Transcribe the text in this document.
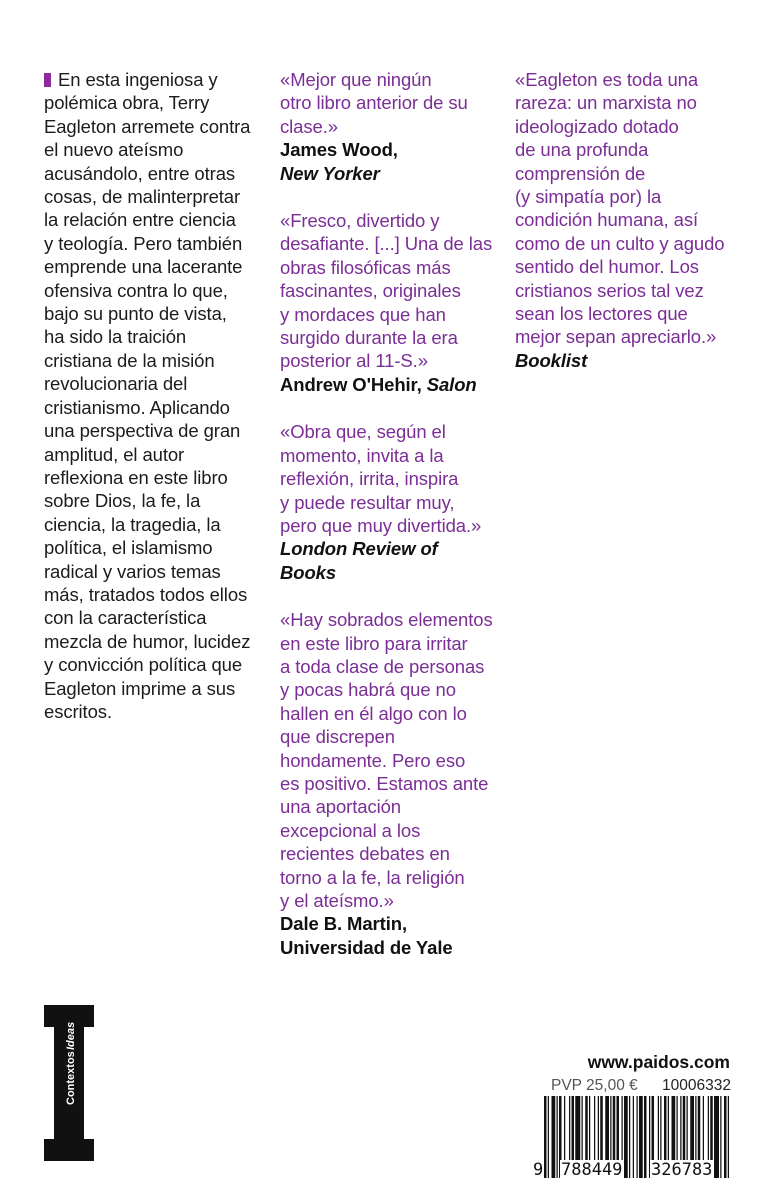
En esta ingeniosa y
polémica obra, Terry
Eagleton arremete contra
el nuevo ateísmo
acusándolo, entre otras
cosas, de malinterpretar
la relación entre ciencia
y teología. Pero también
emprende una lacerante
ofensiva contra lo que,
bajo su punto de vista,
ha sido la traición
cristiana de la misión
revolucionaria del
cristianismo. Aplicando
una perspectiva de gran
amplitud, el autor
reflexiona en este libro
sobre Dios, la fe, la
ciencia, la tragedia, la
política, el islamismo
radical y varios temas
más, tratados todos ellos
con la característica
mezcla de humor, lucidez
y convicción política que
Eagleton imprime a sus
escritos.

«Mejor que ningún
otro libro anterior de su
clase.»

James Wood,

New Yorker

«Fresco, divertido y
desafiante. [...] Una de las
obras filosóficas más
fascinantes, originales
y mordaces que han
surgido durante la era
posterior al 11-S.»

Andrew O'Hehir, Salon

«Obra que, según el
momento, invita a la
reflexión, irrita, inspira
y puede resultar muy,
pero que muy divertida.»

London Review of Books

«Hay sobrados elementos
en este libro para irritar
a toda clase de personas
y pocas habrá que no
hallen en él algo con lo
que discrepen
hondamente. Pero eso
es positivo. Estamos ante
una aportación
excepcional a los
recientes debates en
torno a la fe, la religión
y el ateísmo.»

Dale B. Martin,
Universidad de Yale

«Eagleton es toda una
rareza: un marxista no
ideologizado dotado
de una profunda
comprensión de
(y simpatía por) la
condición humana, así
como de un culto y agudo
sentido del humor. Los
cristianos serios tal vez
sean los lectores que
mejor sepan apreciarlo.»

Booklist

Contextos
Ideas
www.paidos.com
PVP 25,00 € 10006332
9 788449 326783
